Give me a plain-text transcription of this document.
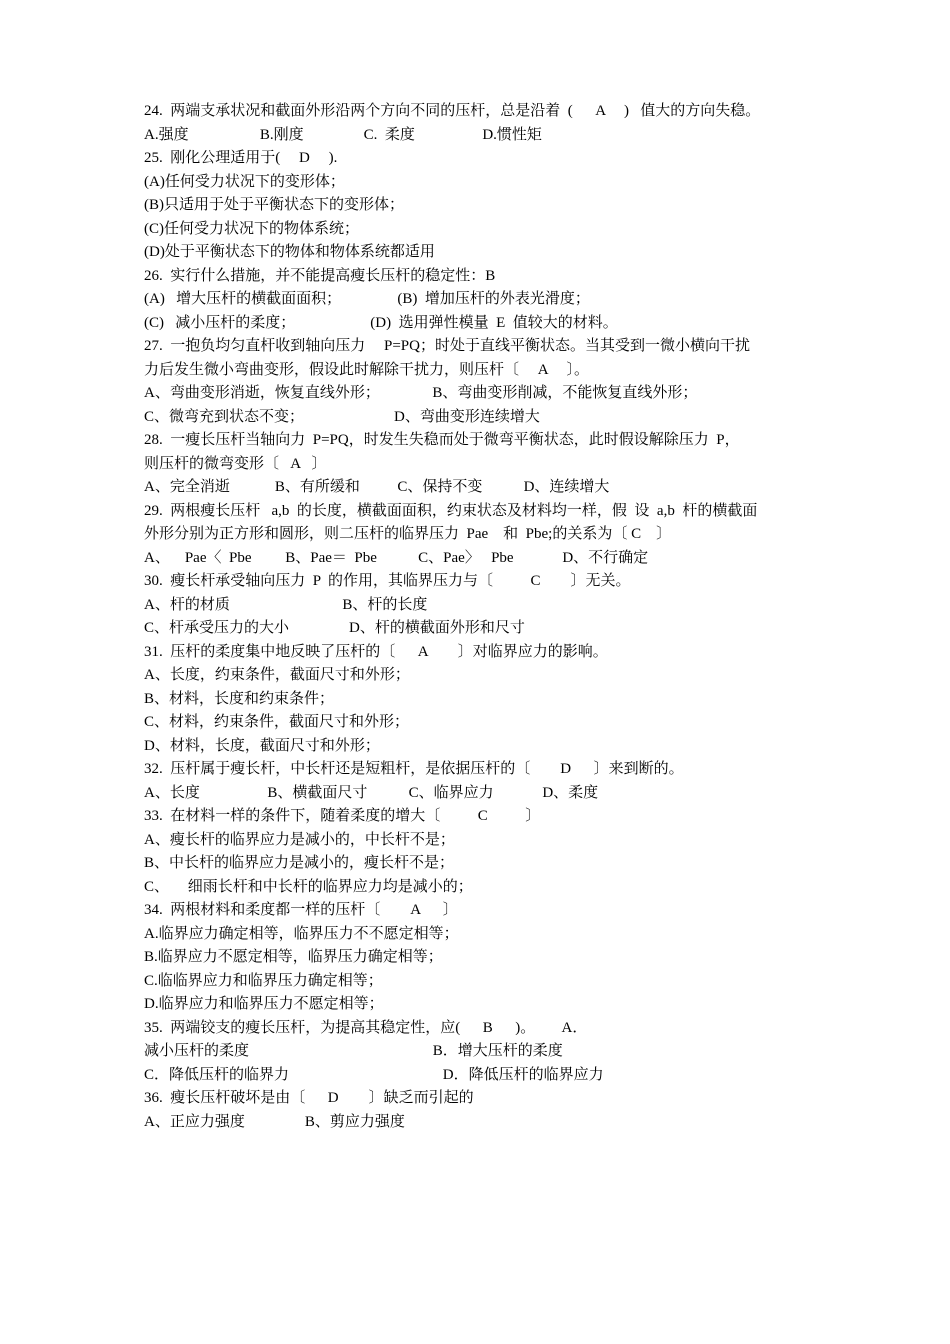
24.  两端支承状况和截面外形沿两个方向不同的压杆，总是沿着  (      A     )   值大的方向失稳。
A.强度                   B.刚度                C.  柔度                  D.惯性矩
25.  刚化公理适用于(     D     ).
(A)任何受力状况下的变形体；
(B)只适用于处于平衡状态下的变形体；
(C)任何受力状况下的物体系统；
(D)处于平衡状态下的物体和物体系统都适用
26.  实行什么措施，并不能提高瘦长压杆的稳定性：B
(A)   增大压杆的横截面面积；               (B)  增加压杆的外表光滑度；
(C)   减小压杆的柔度；                    (D)  选用弹性模量  E  值较大的材料。
27.  一抱负均匀直杆收到轴向压力     P=PQ；时处于直线平衡状态。当其受到一微小横向干扰
力后发生微小弯曲变形，假设此时解除干扰力，则压杆〔     A     〕。
A、弯曲变形消逝，恢复直线外形；              B、弯曲变形削减，不能恢复直线外形；
C、微弯充到状态不变；                        D、弯曲变形连续增大
28.  一瘦长压杆当轴向力  P=PQ，时发生失稳而处于微弯平衡状态，此时假设解除压力  P，
则压杆的微弯变形〔   A   〕
A、完全消逝            B、有所缓和          C、保持不变           D、连续增大
29.  两根瘦长压杆   a,b  的长度，横截面面积，约束状态及材料均一样，假  设  a,b  杆的横截面
外形分别为正方形和圆形，则二压杆的临界压力  Pae    和  Pbe;的关系为〔 C    〕
A、    Pae〈  Pbe         B、Pae＝  Pbe           C、Pae〉   Pbe             D、不行确定
30.  瘦长杆承受轴向压力  P  的作用，其临界压力与〔          C        〕无关。
A、杆的材质                              B、杆的长度
C、杆承受压力的大小                D、杆的横截面外形和尺寸
31.  压杆的柔度集中地反映了压杆的〔      A        〕对临界应力的影响。
A、长度，约束条件，截面尺寸和外形；
B、材料，长度和约束条件；
C、材料，约束条件，截面尺寸和外形；
D、材料，长度，截面尺寸和外形；
32.  压杆属于瘦长杆，中长杆还是短粗杆，是依据压杆的〔        D      〕来到断的。
A、长度                  B、横截面尺寸           C、临界应力             D、柔度
33.  在材料一样的条件下，随着柔度的增大〔          C          〕
A、瘦长杆的临界应力是减小的，中长杆不是；
B、中长杆的临界应力是减小的，瘦长杆不是；
C、     细雨长杆和中长杆的临界应力均是减小的；
34.  两根材料和柔度都一样的压杆〔        A      〕
A.临界应力确定相等，临界压力不不愿定相等；
B.临界应力不愿定相等，临界压力确定相等；
C.临临界应力和临界压力确定相等；
D.临界应力和临界压力不愿定相等；
35.  两端铰支的瘦长压杆，为提高其稳定性，应(      B      )。       A．
减小压杆的柔度                                                 B．增大压杆的柔度
C．降低压杆的临界力                                         D．降低压杆的临界应力
36.  瘦长压杆破坏是由〔      D        〕缺乏而引起的
A、正应力强度                B、剪应力强度
